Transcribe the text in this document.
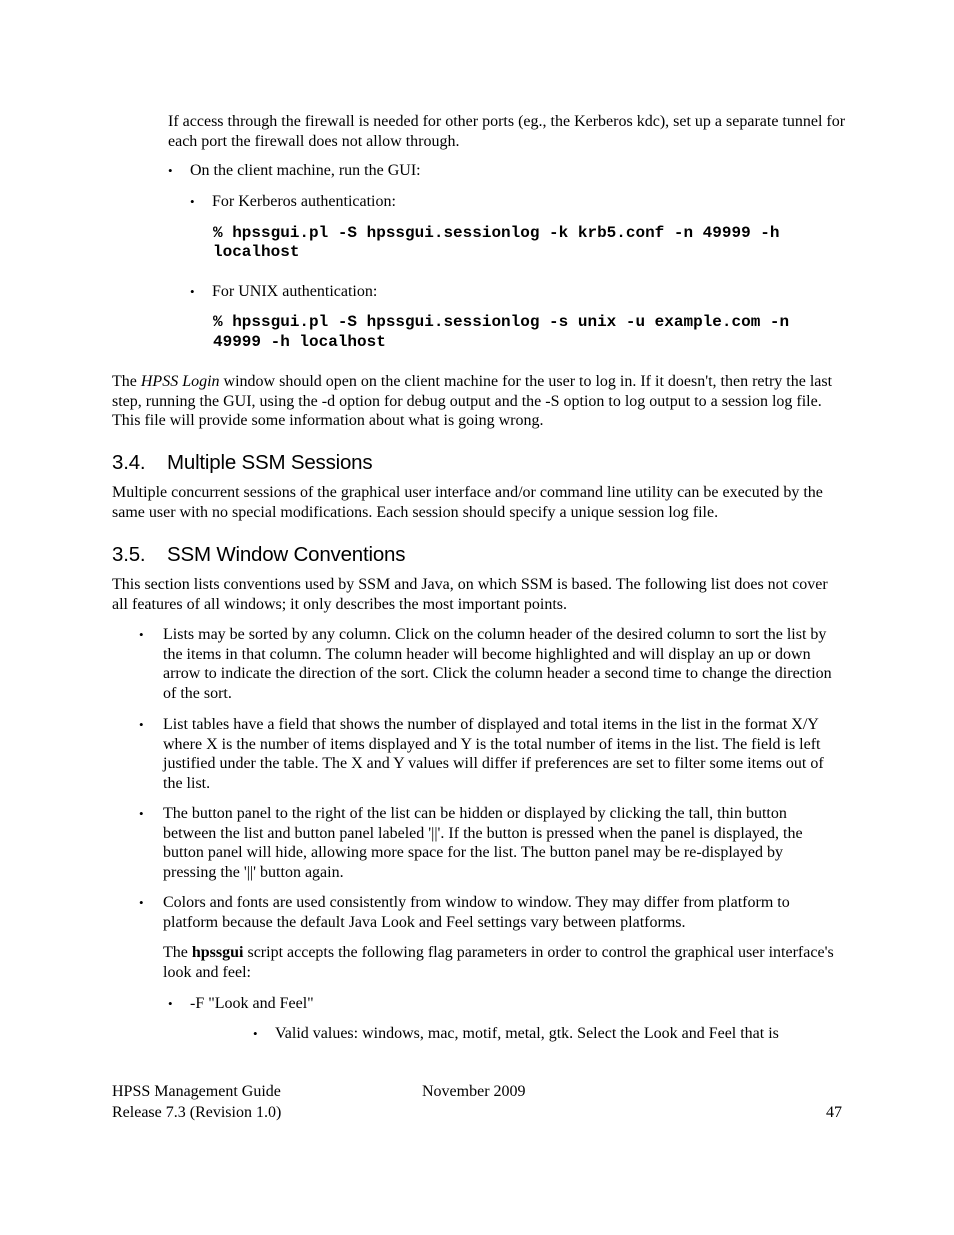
If access through the firewall is needed for other ports (eg., the Kerberos kdc), set up a separate tunnel for each port the firewall does not allow through.

• On the client machine, run the GUI:
• For Kerberos authentication:
% hpssgui.pl -S hpssgui.sessionlog -k krb5.conf -n 49999 -h
localhost
• For UNIX authentication:
% hpssgui.pl -S hpssgui.sessionlog -s unix -u example.com -n
49999 -h localhost

The HPSS Login window should open on the client machine for the user to log in. If it doesn't, then retry the last step, running the GUI, using the -d option for debug output and the -S option to log output to a session log file. This file will provide some information about what is going wrong.

3.4. Multiple SSM Sessions

Multiple concurrent sessions of the graphical user interface and/or command line utility can be executed by the same user with no special modifications. Each session should specify a unique session log file.

3.5. SSM Window Conventions

This section lists conventions used by SSM and Java, on which SSM is based. The following list does not cover all features of all windows; it only describes the most important points.

• Lists may be sorted by any column. Click on the column header of the desired column to sort the list by the items in that column. The column header will become highlighted and will display an up or down arrow to indicate the direction of the sort. Click the column header a second time to change the direction of the sort.
• List tables have a field that shows the number of displayed and total items in the list in the format X/Y where X is the number of items displayed and Y is the total number of items in the list. The field is left justified under the table. The X and Y values will differ if preferences are set to filter some items out of the list.
• The button panel to the right of the list can be hidden or displayed by clicking the tall, thin button between the list and button panel labeled '||'. If the button is pressed when the panel is displayed, the button panel will hide, allowing more space for the list. The button panel may be re-displayed by pressing the '||' button again.
• Colors and fonts are used consistently from window to window. They may differ from platform to platform because the default Java Look and Feel settings vary between platforms.

The hpssgui script accepts the following flag parameters in order to control the graphical user interface's look and feel:

• -F "Look and Feel"
• Valid values: windows, mac, motif, metal, gtk. Select the Look and Feel that is
HPSS Management Guide	November 2009
Release 7.3 (Revision 1.0)	47
